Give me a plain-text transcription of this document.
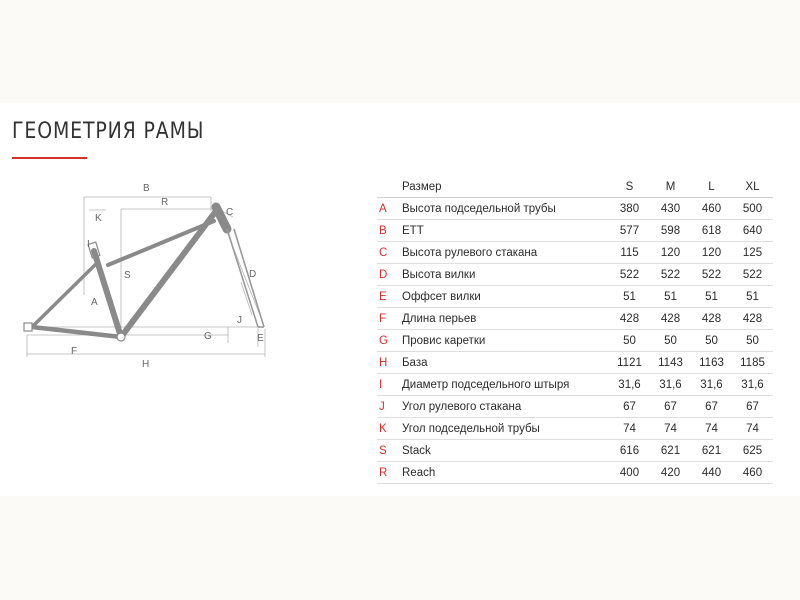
ГЕОМЕТРИЯ РАМЫ
B
R
K
C
I
S	D
A
J
G	E
F
H
	Размер	S	M	L	XL
A	Высота подседельной трубы	380	430	460	500
B	ETT	577	598	618	640
C	Высота рулевого стакана	115	120	120	125
D	Высота вилки	522	522	522	522
E	Оффсет вилки	51	51	51	51
F	Длина перьев	428	428	428	428
G	Провис каретки	50	50	50	50
H	База	1121	1143	1163	1185
I	Диаметр подседельного штыря	31,6	31,6	31,6	31,6
J	Угол рулевого стакана	67	67	67	67
K	Угол подседельной трубы	74	74	74	74
S	Stack	616	621	621	625
R	Reach	400	420	440	460
